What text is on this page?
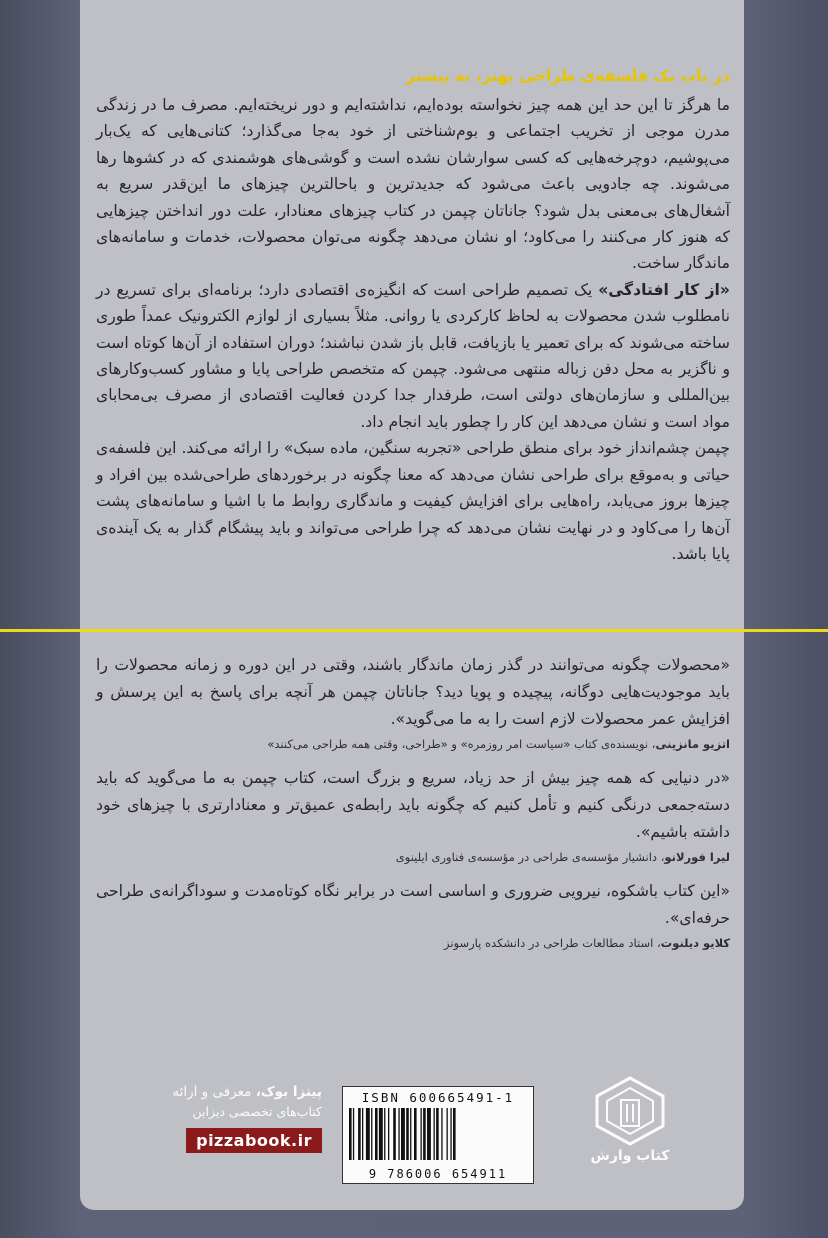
در باب یک فلسفه‌ی طراحی بهتر، نه بیشتر

ما هرگز تا این حد این همه چیز نخواسته بوده‌ایم، نداشته‌ایم و دور نریخته‌ایم. مصرف ما در زندگی مدرن موجی از تخریب اجتماعی و بوم‌شناختی از خود به‌جا می‌گذارد؛ کتانی‌هایی که یک‌بار می‌پوشیم، دوچرخه‌هایی که کسی سوارشان نشده است و گوشی‌های هوشمندی که در کشوها رها می‌شوند. چه جادویی باعث می‌شود که جدیدترین و باحالترین چیزهای ما این‌قدر سریع به آشغال‌های بی‌معنی بدل شود؟ جاناتان چپمن در کتاب چیزهای معنادار، علت دور انداختن چیزهایی که هنوز کار می‌کنند را می‌کاود؛ او نشان می‌دهد چگونه می‌توان محصولات، خدمات و سامانه‌های ماندگار ساخت.

«از کار افتادگی» یک تصمیم طراحی است که انگیزه‌ی اقتصادی دارد؛ برنامه‌ای برای تسریع در نامطلوب شدن محصولات به لحاظ کارکردی یا روانی. مثلاً بسیاری از لوازم الکترونیک عمداً طوری ساخته می‌شوند که برای تعمیر یا بازیافت، قابل باز شدن نباشند؛ دوران استفاده از آن‌ها کوتاه است و ناگزیر به محل دفن زباله منتهی می‌شود. چپمن که متخصص طراحی پایا و مشاور کسب‌وکارهای بین‌المللی و سازمان‌های دولتی است، طرفدار جدا کردن فعالیت اقتصادی از مصرف بی‌محابای مواد است و نشان می‌دهد این کار را چطور باید انجام داد.

چپمن چشم‌انداز خود برای منطق طراحی «تجربه سنگین، ماده سبک» را ارائه می‌کند. این فلسفه‌ی حیاتی و به‌موقع برای طراحی نشان می‌دهد که معنا چگونه در برخوردهای طراحی‌شده بین افراد و چیزها بروز می‌یابد، راه‌هایی برای افزایش کیفیت و ماندگاری روابط ما با اشیا و سامانه‌های پشت آن‌ها را می‌کاود و در نهایت نشان می‌دهد که چرا طراحی می‌تواند و باید پیشگام گذار به یک آینده‌ی پایا باشد.

«محصولات چگونه می‌توانند در گذر زمان ماندگار باشند، وقتی در این دوره و زمانه محصولات را باید موجودیت‌هایی دوگانه، پیچیده و پویا دید؟ جاناتان چپمن هر آنچه برای پاسخ به این پرسش و افزایش عمر محصولات لازم است را به ما می‌گوید».
اتزیو مانزینی، نویسنده‌ی کتاب «سیاست امر روزمره» و «طراحی، وقتی همه طراحی می‌کنند»
«در دنیایی که همه چیز بیش از حد زیاد، سریع و بزرگ است، کتاب چپمن به ما می‌گوید که باید دسته‌جمعی درنگی کنیم و تأمل کنیم که چگونه باید رابطه‌ی عمیق‌تر و معنادارتری با چیزهای خود داشته باشیم».
لیرا فورلانو، دانشیار مؤسسه‌ی طراحی در مؤسسه‌ی فناوری ایلینوی
«این کتاب باشکوه، نیرویی ضروری و اساسی است در برابر نگاه کوتاه‌مدت و سوداگرانه‌ی طراحی حرفه‌ای».
کلایو دیلنوت، استاد مطالعات طراحی در دانشکده پارسونز
کتاب وارش
ISBN 600665491-1
9 786006 654911
پیتزا بوک، معرفی و ارائه
کتاب‌های تخصصی دیزاین
pizzabook.ir
